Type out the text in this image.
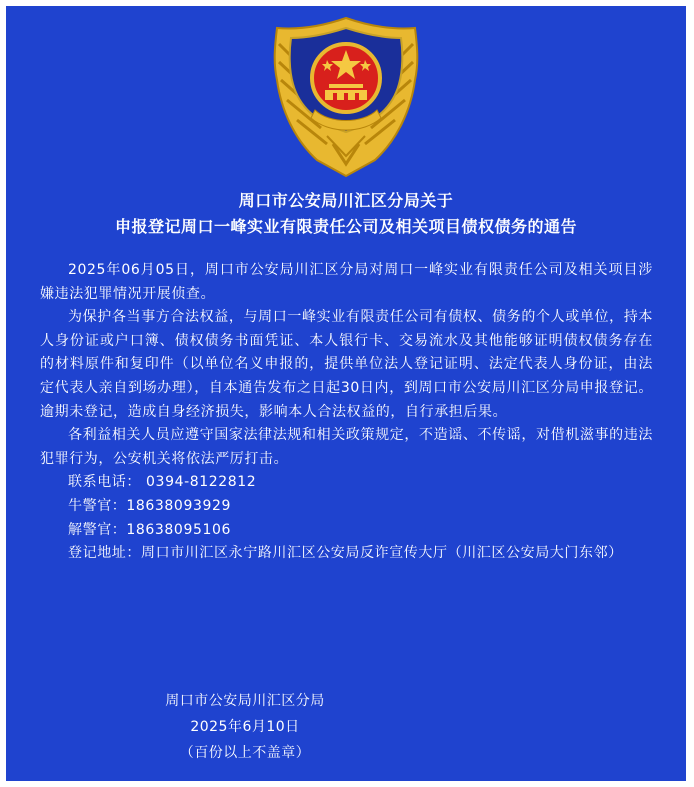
周口市公安局川汇区分局关于
申报登记周口一峰实业有限责任公司及相关项目债权债务的通告

2025年06月05日，周口市公安局川汇区分局对周口一峰实业有限责任公司及相关项目涉嫌违法犯罪情况开展侦查。

为保护各当事方合法权益，与周口一峰实业有限责任公司有债权、债务的个人或单位，持本人身份证或户口簿、债权债务书面凭证、本人银行卡、交易流水及其他能够证明债权债务存在的材料原件和复印件（以单位名义申报的，提供单位法人登记证明、法定代表人身份证，由法定代表人亲自到场办理），自本通告发布之日起30日内，到周口市公安局川汇区分局申报登记。逾期未登记，造成自身经济损失，影响本人合法权益的，自行承担后果。

各利益相关人员应遵守国家法律法规和相关政策规定，不造谣、不传谣，对借机滋事的违法犯罪行为，公安机关将依法严厉打击。

联系电话： 0394-8122812

牛警官：18638093929

解警官：18638095106

登记地址：周口市川汇区永宁路川汇区公安局反诈宣传大厅（川汇区公安局大门东邻）

周口市公安局川汇区分局
2025年6月10日
（百份以上不盖章）
